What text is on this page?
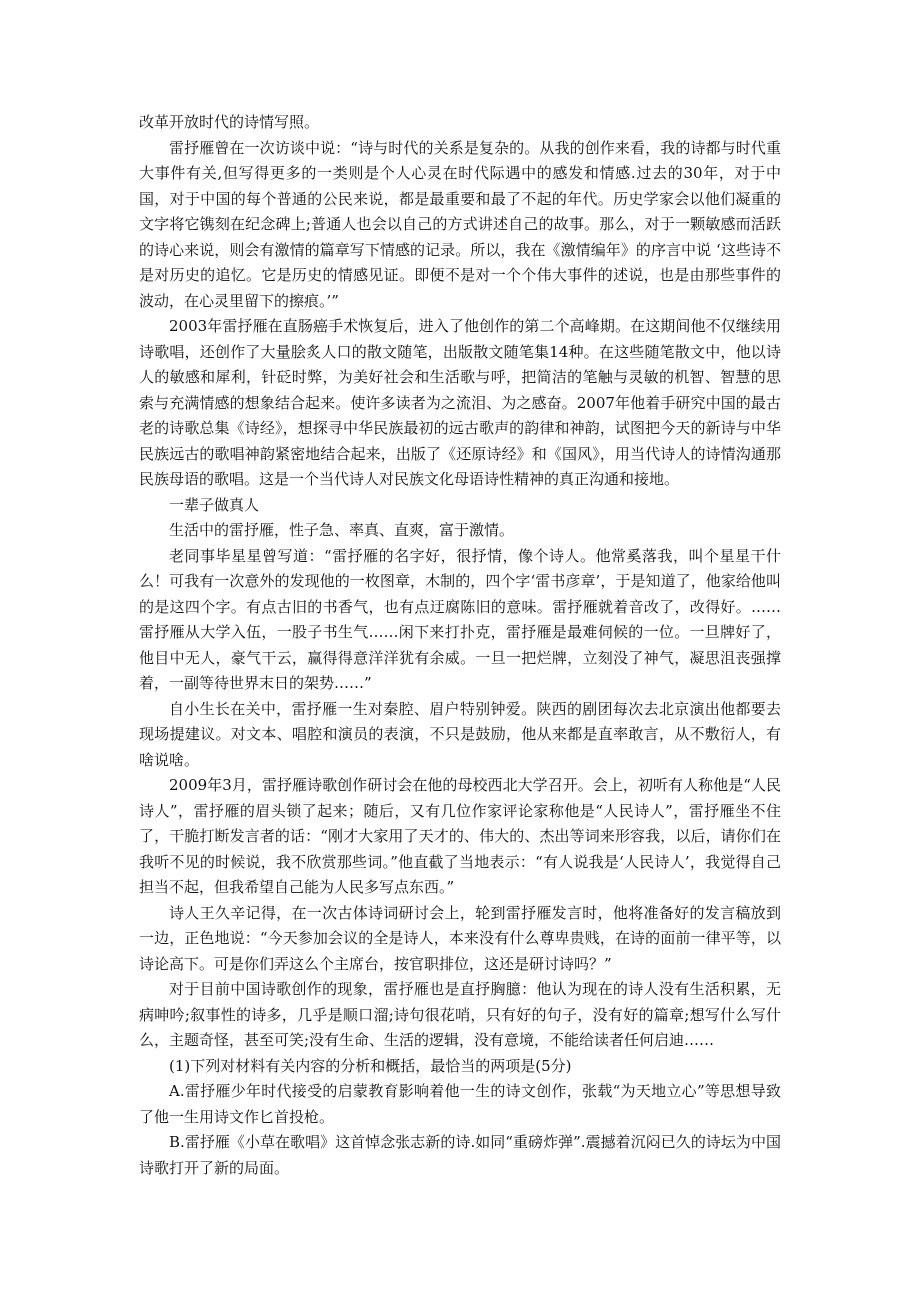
改革开放时代的诗情写照。

雷抒雁曾在一次访谈中说：“诗与时代的关系是复杂的。从我的创作来看，我的诗都与时代重大事件有关,但写得更多的一类则是个人心灵在时代际遇中的感发和情感.过去的30年，对于中国，对于中国的每个普通的公民来说，都是最重要和最了不起的年代。历史学家会以他们凝重的文字将它镌刻在纪念碑上;普通人也会以自己的方式讲述自己的故事。那么，对于一颗敏感而活跃的诗心来说，则会有激情的篇章写下情感的记录。所以，我在《激情编年》的序言中说 ‘这些诗不是对历史的追忆。它是历史的情感见证。即便不是对一个个伟大事件的述说，也是由那些事件的波动，在心灵里留下的擦痕。’”

2003年雷抒雁在直肠癌手术恢复后，进入了他创作的第二个高峰期。在这期间他不仅继续用诗歌唱，还创作了大量脍炙人口的散文随笔，出版散文随笔集14种。在这些随笔散文中，他以诗人的敏感和犀利，针砭时弊，为美好社会和生活歌与呼，把简洁的笔触与灵敏的机智、智慧的思索与充满情感的想象结合起来。使许多读者为之流泪、为之感奋。2007年他着手研究中国的最古老的诗歌总集《诗经》，想探寻中华民族最初的远古歌声的韵律和神韵，试图把今天的新诗与中华民族远古的歌唱神韵紧密地结合起来，出版了《还原诗经》和《国风》，用当代诗人的诗情沟通那民族母语的歌唱。这是一个当代诗人对民族文化母语诗性精神的真正沟通和接地。

一辈子做真人

生活中的雷抒雁，性子急、率真、直爽，富于激情。

老同事毕星星曾写道：“雷抒雁的名字好，很抒情，像个诗人。他常奚落我，叫个星星干什么！可我有一次意外的发现他的一枚图章，木制的，四个字‘雷书彦章’，于是知道了，他家给他叫的是这四个字。有点古旧的书香气，也有点迂腐陈旧的意味。雷抒雁就着音改了，改得好。……雷抒雁从大学入伍，一股子书生气……闲下来打扑克，雷抒雁是最难伺候的一位。一旦牌好了，他目中无人，豪气干云，赢得得意洋洋犹有余威。一旦一把烂牌，立刻没了神气，凝思沮丧强撑着，一副等待世界末日的架势……”

自小生长在关中，雷抒雁一生对秦腔、眉户特别钟爱。陕西的剧团每次去北京演出他都要去现场提建议。对文本、唱腔和演员的表演，不只是鼓励，他从来都是直率敢言，从不敷衍人，有啥说啥。

2009年3月，雷抒雁诗歌创作研讨会在他的母校西北大学召开。会上，初听有人称他是“人民诗人”，雷抒雁的眉头锁了起来；随后，又有几位作家评论家称他是“人民诗人”，雷抒雁坐不住了，干脆打断发言者的话：“刚才大家用了天才的、伟大的、杰出等词来形容我，以后，请你们在我听不见的时候说，我不欣赏那些词。”他直截了当地表示：“有人说我是‘人民诗人’，我觉得自己担当不起，但我希望自己能为人民多写点东西。”

诗人王久辛记得，在一次古体诗词研讨会上，轮到雷抒雁发言时，他将准备好的发言稿放到一边，正色地说：“今天参加会议的全是诗人，本来没有什么尊卑贵贱，在诗的面前一律平等，以诗论高下。可是你们弄这么个主席台，按官职排位，这还是研讨诗吗？”

对于目前中国诗歌创作的现象，雷抒雁也是直抒胸臆：他认为现在的诗人没有生活积累，无病呻吟;叙事性的诗多，几乎是顺口溜;诗句很花哨，只有好的句子，没有好的篇章;想写什么写什么，主题奇怪，甚至可笑;没有生命、生活的逻辑，没有意境，不能给读者任何启迪……

(1)下列对材料有关内容的分析和概括，最恰当的两项是(5分)

A.雷抒雁少年时代接受的启蒙教育影响着他一生的诗文创作，张载“为天地立心”等思想导致了他一生用诗文作匕首投枪。

B.雷抒雁《小草在歌唱》这首悼念张志新的诗.如同“重磅炸弹”.震撼着沉闷已久的诗坛为中国诗歌打开了新的局面。
